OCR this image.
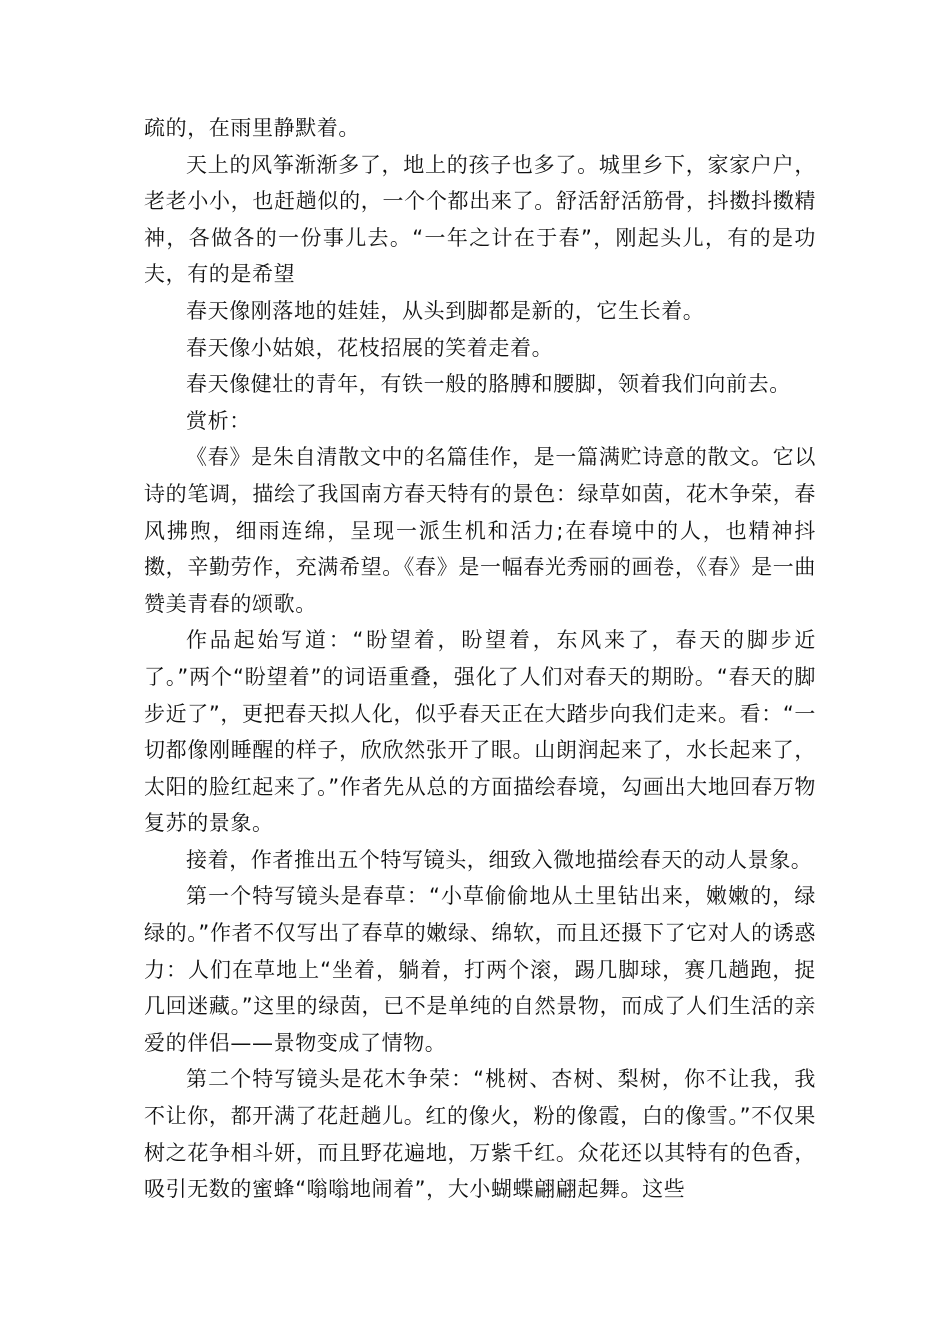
疏的，在雨里静默着。

天上的风筝渐渐多了，地上的孩子也多了。城里乡下，家家户户，老老小小，也赶趟似的，一个个都出来了。舒活舒活筋骨，抖擞抖擞精神，各做各的一份事儿去。“一年之计在于春”，刚起头儿，有的是功夫，有的是希望

春天像刚落地的娃娃，从头到脚都是新的，它生长着。

春天像小姑娘，花枝招展的笑着走着。

春天像健壮的青年，有铁一般的胳膊和腰脚，领着我们向前去。

赏析：

《春》是朱自清散文中的名篇佳作，是一篇满贮诗意的散文。它以诗的笔调，描绘了我国南方春天特有的景色：绿草如茵，花木争荣，春风拂煦，细雨连绵，呈现一派生机和活力;在春境中的人，也精神抖擞，辛勤劳作，充满希望。《春》是一幅春光秀丽的画卷，《春》是一曲赞美青春的颂歌。

作品起始写道：“盼望着，盼望着，东风来了，春天的脚步近了。”两个“盼望着”的词语重叠，强化了人们对春天的期盼。“春天的脚步近了”，更把春天拟人化，似乎春天正在大踏步向我们走来。看：“一切都像刚睡醒的样子，欣欣然张开了眼。山朗润起来了，水长起来了，太阳的脸红起来了。”作者先从总的方面描绘春境，勾画出大地回春万物复苏的景象。

接着，作者推出五个特写镜头，细致入微地描绘春天的动人景象。

第一个特写镜头是春草：“小草偷偷地从土里钻出来，嫩嫩的，绿绿的。”作者不仅写出了春草的嫩绿、绵软，而且还摄下了它对人的诱惑力：人们在草地上“坐着，躺着，打两个滚，踢几脚球，赛几趟跑，捉几回迷藏。”这里的绿茵，已不是单纯的自然景物，而成了人们生活的亲爱的伴侣——景物变成了情物。

第二个特写镜头是花木争荣：“桃树、杏树、梨树，你不让我，我不让你，都开满了花赶趟儿。红的像火，粉的像霞，白的像雪。”不仅果树之花争相斗妍，而且野花遍地，万紫千红。众花还以其特有的色香，吸引无数的蜜蜂“嗡嗡地闹着”，大小蝴蝶翩翩起舞。这些
